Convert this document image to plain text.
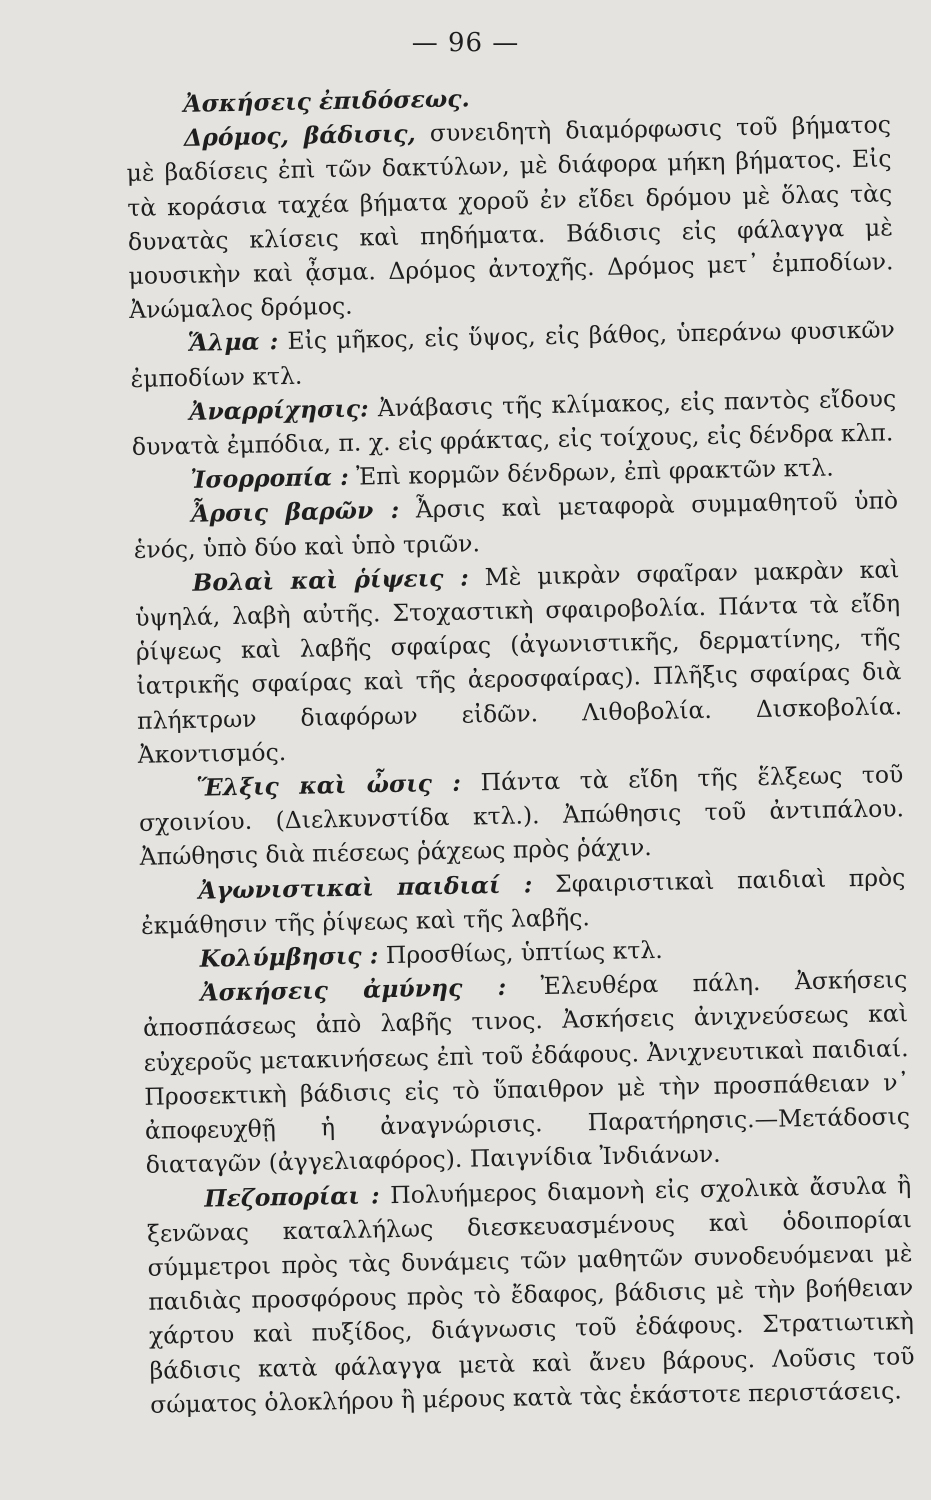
— 96 —

Ἀσκήσεις ἐπιδόσεως.

Δρόμος, βάδισις, συνειδητὴ διαμόρφωσις τοῦ βήματος μὲ βαδίσεις ἐπὶ τῶν δακτύλων, μὲ διάφορα μήκη βήματος. Εἰς τὰ κοράσια ταχέα βήματα χοροῦ ἐν εἴδει δρόμου μὲ ὅλας τὰς δυνατὰς κλίσεις καὶ πηδήματα. Βάδισις εἰς φάλαγγα μὲ μουσικὴν καὶ ᾆσμα. Δρόμος ἀντοχῆς. Δρόμος μετ᾽ ἐμποδίων. Ἀνώμαλος δρόμος.

Ἅλμα : Εἰς μῆκος, εἰς ὕψος, εἰς βάθος, ὑπεράνω φυσικῶν ἐμποδίων κτλ.

Ἀναρρίχησις: Ἀνάβασις τῆς κλίμακος, εἰς παντὸς εἴδους δυνατὰ ἐμπόδια, π. χ. εἰς φράκτας, εἰς τοίχους, εἰς δένδρα κλπ.

Ἰσορροπία : Ἐπὶ κορμῶν δένδρων, ἐπὶ φρακτῶν κτλ.

Ἆρσις βαρῶν : Ἆρσις καὶ μεταφορὰ συμμαθητοῦ ὑπὸ ἑνός, ὑπὸ δύο καὶ ὑπὸ τριῶν.

Βολαὶ καὶ ῥίψεις : Μὲ μικρὰν σφαῖραν μακρὰν καὶ ὑψηλά, λαβὴ αὐτῆς. Στοχαστικὴ σφαιροβολία. Πάντα τὰ εἴδη ῥίψεως καὶ λαβῆς σφαίρας (ἀγωνιστικῆς, δερματίνης, τῆς ἰατρικῆς σφαίρας καὶ τῆς ἀεροσφαίρας). Πλῆξις σφαίρας διὰ πλήκτρων διαφόρων εἰδῶν. Λιθοβολία. Δισκοβολία. Ἀκοντισμός.

Ἕλξις καὶ ὦσις : Πάντα τὰ εἴδη τῆς ἕλξεως τοῦ σχοινίου. (Διελκυνστίδα κτλ.). Ἀπώθησις τοῦ ἀντιπάλου. Ἀπώθησις διὰ πιέσεως ῥάχεως πρὸς ῥάχιν.

Ἀγωνιστικαὶ παιδιαί : Σφαιριστικαὶ παιδιαὶ πρὸς ἐκμάθησιν τῆς ῥίψεως καὶ τῆς λαβῆς.

Κολύμβησις : Προσθίως, ὑπτίως κτλ.

Ἀσκήσεις ἀμύνης : Ἐλευθέρα πάλη. Ἀσκήσεις ἀποσπάσεως ἀπὸ λαβῆς τινος. Ἀσκήσεις ἀνιχνεύσεως καὶ εὐχεροῦς μετακινήσεως ἐπὶ τοῦ ἐδάφους. Ἀνιχνευτικαὶ παιδιαί. Προσεκτικὴ βάδισις εἰς τὸ ὕπαιθρον μὲ τὴν προσπάθειαν ν᾽ ἀποφευχθῇ ἡ ἀναγνώρισις. Παρατήρησις.—Μετάδοσις διαταγῶν (ἀγγελιαφόρος). Παιγνίδια Ἰνδιάνων.

Πεζοπορίαι : Πολυήμερος διαμονὴ εἰς σχολικὰ ἄσυλα ἢ ξενῶνας καταλλήλως διεσκευασμένους καὶ ὁδοιπορίαι σύμμετροι πρὸς τὰς δυνάμεις τῶν μαθητῶν συνοδευόμεναι μὲ παιδιὰς προσφόρους πρὸς τὸ ἔδαφος, βάδισις μὲ τὴν βοήθειαν χάρτου καὶ πυξίδος, διάγνωσις τοῦ ἐδάφους. Στρατιωτικὴ βάδισις κατὰ φάλαγγα μετὰ καὶ ἄνευ βάρους. Λοῦσις τοῦ σώματος ὁλοκλήρου ἢ μέρους κατὰ τὰς ἑκάστοτε περιστάσεις.
